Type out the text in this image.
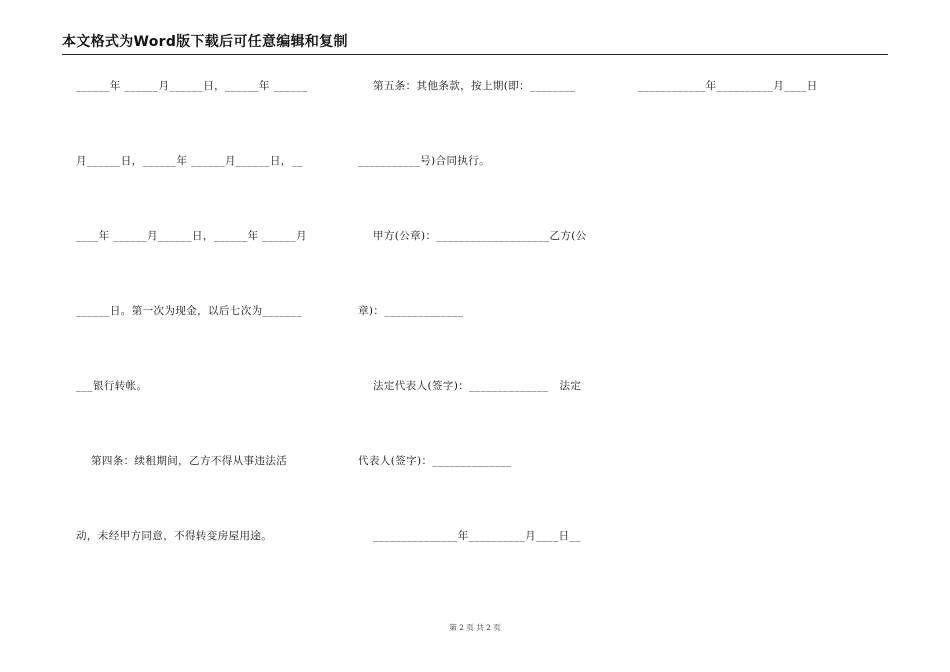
本文格式为Word版下载后可任意编辑和复制
______年 ______月______日，______年 ______
月______日，______年 ______月______日，__
____年 ______月______日，______年 ______月
______日。第一次为现金，以后七次为_______
___银行转帐。
第四条：续租期间，乙方不得从事违法活
动，未经甲方同意，不得转变房屋用途。
第五条：其他条款，按上期(即：________
___________号)合同执行。
甲方(公章)：____________________乙方(公
章)：______________
法定代表人(签字)：______________   法定
代表人(签字)：______________
_______________年__________月____日__
____________年__________月____日
第 2 页 共 2 页
